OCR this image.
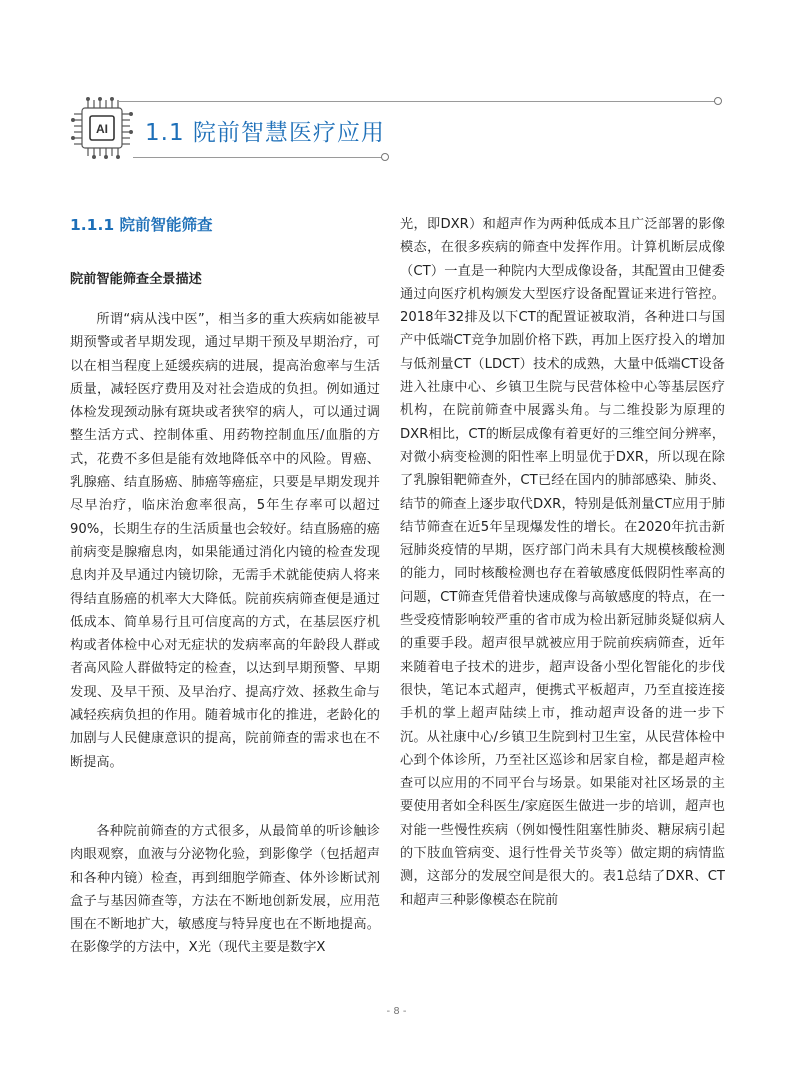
AI 1.1 院前智慧医疗应用
1.1.1 院前智能筛查
院前智能筛查全景描述

所谓“病从浅中医”，相当多的重大疾病如能被早期预警或者早期发现，通过早期干预及早期治疗，可以在相当程度上延缓疾病的进展，提高治愈率与生活质量，减轻医疗费用及对社会造成的负担。例如通过体检发现颈动脉有斑块或者狭窄的病人，可以通过调整生活方式、控制体重、用药物控制血压/血脂的方式，花费不多但是能有效地降低卒中的风险。胃癌、乳腺癌、结直肠癌、肺癌等癌症，只要是早期发现并尽早治疗，临床治愈率很高，5年生存率可以超过90%，长期生存的生活质量也会较好。结直肠癌的癌前病变是腺瘤息肉，如果能通过消化内镜的检查发现息肉并及早通过内镜切除，无需手术就能使病人将来得结直肠癌的机率大大降低。院前疾病筛查便是通过低成本、简单易行且可信度高的方式，在基层医疗机构或者体检中心对无症状的发病率高的年龄段人群或者高风险人群做特定的检查，以达到早期预警、早期发现、及早干预、及早治疗、提高疗效、拯救生命与减轻疾病负担的作用。随着城市化的推进，老龄化的加剧与人民健康意识的提高，院前筛查的需求也在不断提高。

各种院前筛查的方式很多，从最简单的听诊触诊肉眼观察，血液与分泌物化验，到影像学（包括超声和各种内镜）检查，再到细胞学筛查、体外诊断试剂盒子与基因筛查等，方法在不断地创新发展，应用范围在不断地扩大，敏感度与特异度也在不断地提高。在影像学的方法中，X光（现代主要是数字X

光，即DXR）和超声作为两种低成本且广泛部署的影像模态，在很多疾病的筛查中发挥作用。计算机断层成像（CT）一直是一种院内大型成像设备，其配置由卫健委通过向医疗机构颁发大型医疗设备配置证来进行管控。2018年32排及以下CT的配置证被取消，各种进口与国产中低端CT竞争加剧价格下跌，再加上医疗投入的增加与低剂量CT（LDCT）技术的成熟，大量中低端CT设备进入社康中心、乡镇卫生院与民营体检中心等基层医疗机构，在院前筛查中展露头角。与二维投影为原理的DXR相比，CT的断层成像有着更好的三维空间分辨率，对微小病变检测的阳性率上明显优于DXR，所以现在除了乳腺钼靶筛查外，CT已经在国内的肺部感染、肺炎、结节的筛查上逐步取代DXR，特别是低剂量CT应用于肺结节筛查在近5年呈现爆发性的增长。在2020年抗击新冠肺炎疫情的早期，医疗部门尚未具有大规模核酸检测的能力，同时核酸检测也存在着敏感度低假阴性率高的问题，CT筛查凭借着快速成像与高敏感度的特点，在一些受疫情影响较严重的省市成为检出新冠肺炎疑似病人的重要手段。超声很早就被应用于院前疾病筛查，近年来随着电子技术的进步，超声设备小型化智能化的步伐很快，笔记本式超声，便携式平板超声，乃至直接连接手机的掌上超声陆续上市，推动超声设备的进一步下沉。从社康中心/乡镇卫生院到村卫生室，从民营体检中心到个体诊所，乃至社区巡诊和居家自检，都是超声检查可以应用的不同平台与场景。如果能对社区场景的主要使用者如全科医生/家庭医生做进一步的培训，超声也对能一些慢性疾病（例如慢性阻塞性肺炎、糖尿病引起的下肢血管病变、退行性骨关节炎等）做定期的病情监测，这部分的发展空间是很大的。表1总结了DXR、CT和超声三种影像模态在院前

- 8 -
